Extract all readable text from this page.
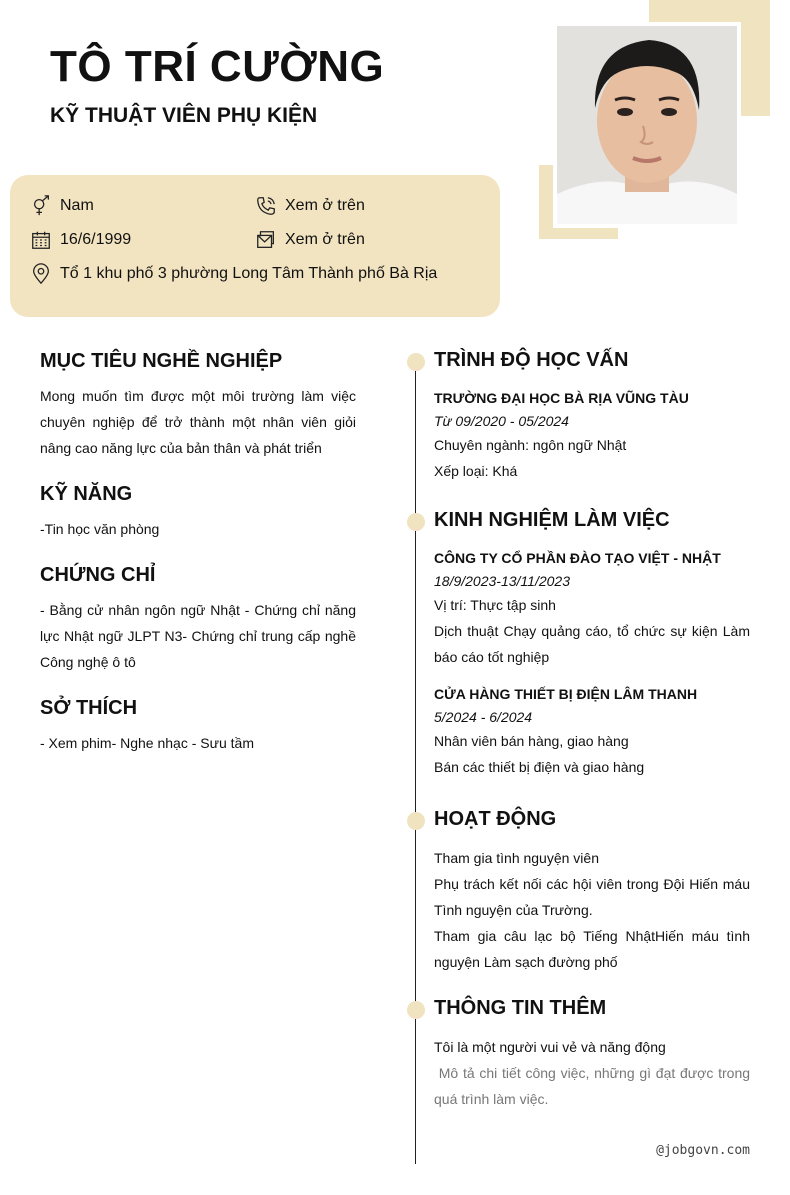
TÔ TRÍ CƯỜNG
KỸ THUẬT VIÊN PHỤ KIỆN
Nam	Xem ở trên
16/6/1999	Xem ở trên
Tổ 1 khu phố 3 phường Long Tâm Thành phố Bà Rịa
MỤC TIÊU NGHỀ NGHIỆP
Mong muốn tìm được một môi trường làm việc chuyên nghiệp để trở thành một nhân viên giỏi nâng cao năng lực của bản thân và phát triển
KỸ NĂNG
-Tin học văn phòng
CHỨNG CHỈ
- Bằng cử nhân ngôn ngữ Nhật - Chứng chỉ năng lực Nhật ngữ JLPT N3- Chứng chỉ trung cấp nghề Công nghệ ô tô
SỞ THÍCH
- Xem phim- Nghe nhạc - Sưu tầm
TRÌNH ĐỘ HỌC VẤN
TRƯỜNG ĐẠI HỌC BÀ RỊA VŨNG TÀU
Từ 09/2020 - 05/2024
Chuyên ngành: ngôn ngữ Nhật
Xếp loại: Khá
KINH NGHIỆM LÀM VIỆC
CÔNG TY CỔ PHẦN ĐÀO TẠO VIỆT - NHẬT
18/9/2023-13/11/2023
Vị trí: Thực tập sinh
Dịch thuật Chạy quảng cáo, tổ chức sự kiện Làm báo cáo tốt nghiệp
CỬA HÀNG THIẾT BỊ ĐIỆN LÂM THANH
5/2024 - 6/2024
Nhân viên bán hàng, giao hàng
Bán các thiết bị điện và giao hàng
HOẠT ĐỘNG
Tham gia tình nguyện viên
Phụ trách kết nối các hội viên trong Đội Hiến máu Tình nguyện của Trường.
Tham gia câu lạc bộ Tiếng NhậtHiến máu tình nguyện Làm sạch đường phố
THÔNG TIN THÊM
Tôi là một người vui vẻ và năng động
Mô tả chi tiết công việc, những gì đạt được trong quá trình làm việc.
@jobgovn.com
